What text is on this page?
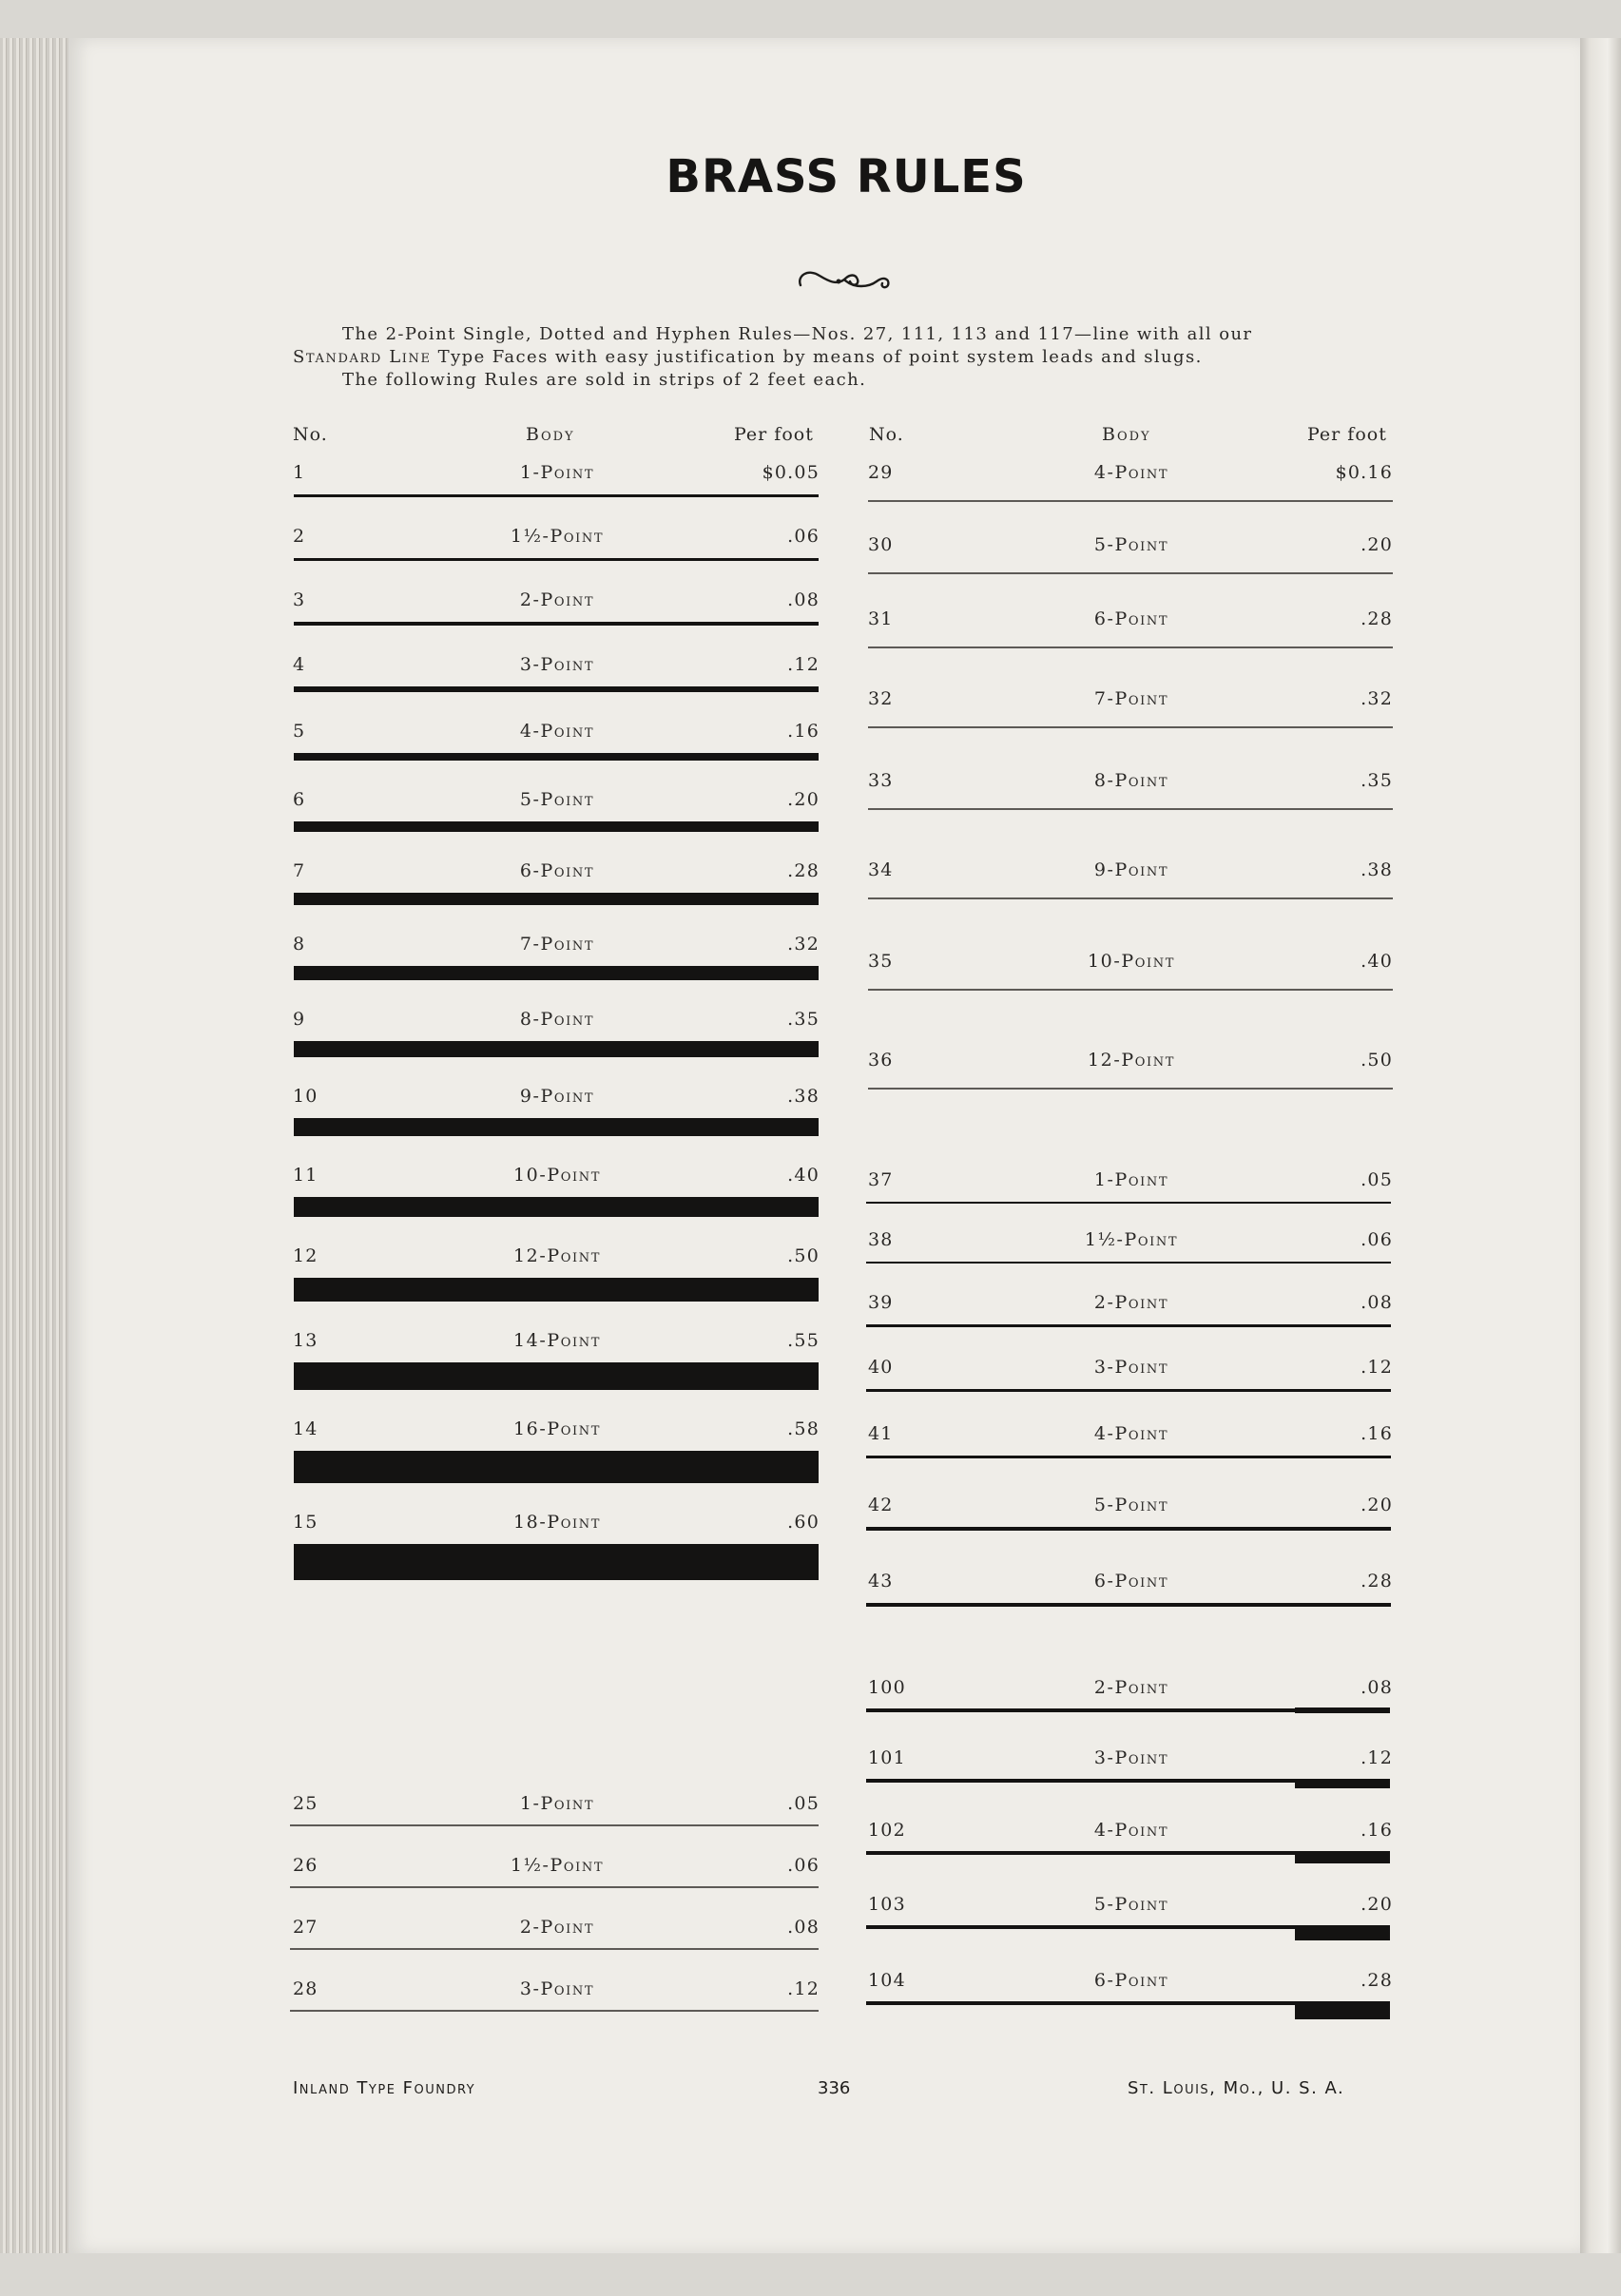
BRASS RULES

The 2-Point Single, Dotted and Hyphen Rules—Nos. 27, 111, 113 and 117—line with all our

Standard Line Type Faces with easy justification by means of point system leads and slugs.

The following Rules are sold in strips of 2 feet each.

No.	Body	Per foot	No.	Body	Per foot
1	1-Point	$0.05
2	1½-Point	.06
3	2-Point	.08
4	3-Point	.12
5	4-Point	.16
6	5-Point	.20
7	6-Point	.28
8	7-Point	.32
9	8-Point	.35
10	9-Point	.38
11	10-Point	.40
12	12-Point	.50
13	14-Point	.55
14	16-Point	.58
15	18-Point	.60
25	1-Point	.05
26	1½-Point	.06
27	2-Point	.08
28	3-Point	.12
29	4-Point	$0.16
30	5-Point	.20
31	6-Point	.28
32	7-Point	.32
33	8-Point	.35
34	9-Point	.38
35	10-Point	.40
36	12-Point	.50
37	1-Point	.05
38	1½-Point	.06
39	2-Point	.08
40	3-Point	.12
41	4-Point	.16
42	5-Point	.20
43	6-Point	.28
100	2-Point	.08
101	3-Point	.12
102	4-Point	.16
103	5-Point	.20
104	6-Point	.28
Inland Type Foundry	336	St. Louis, Mo., U. S. A.
